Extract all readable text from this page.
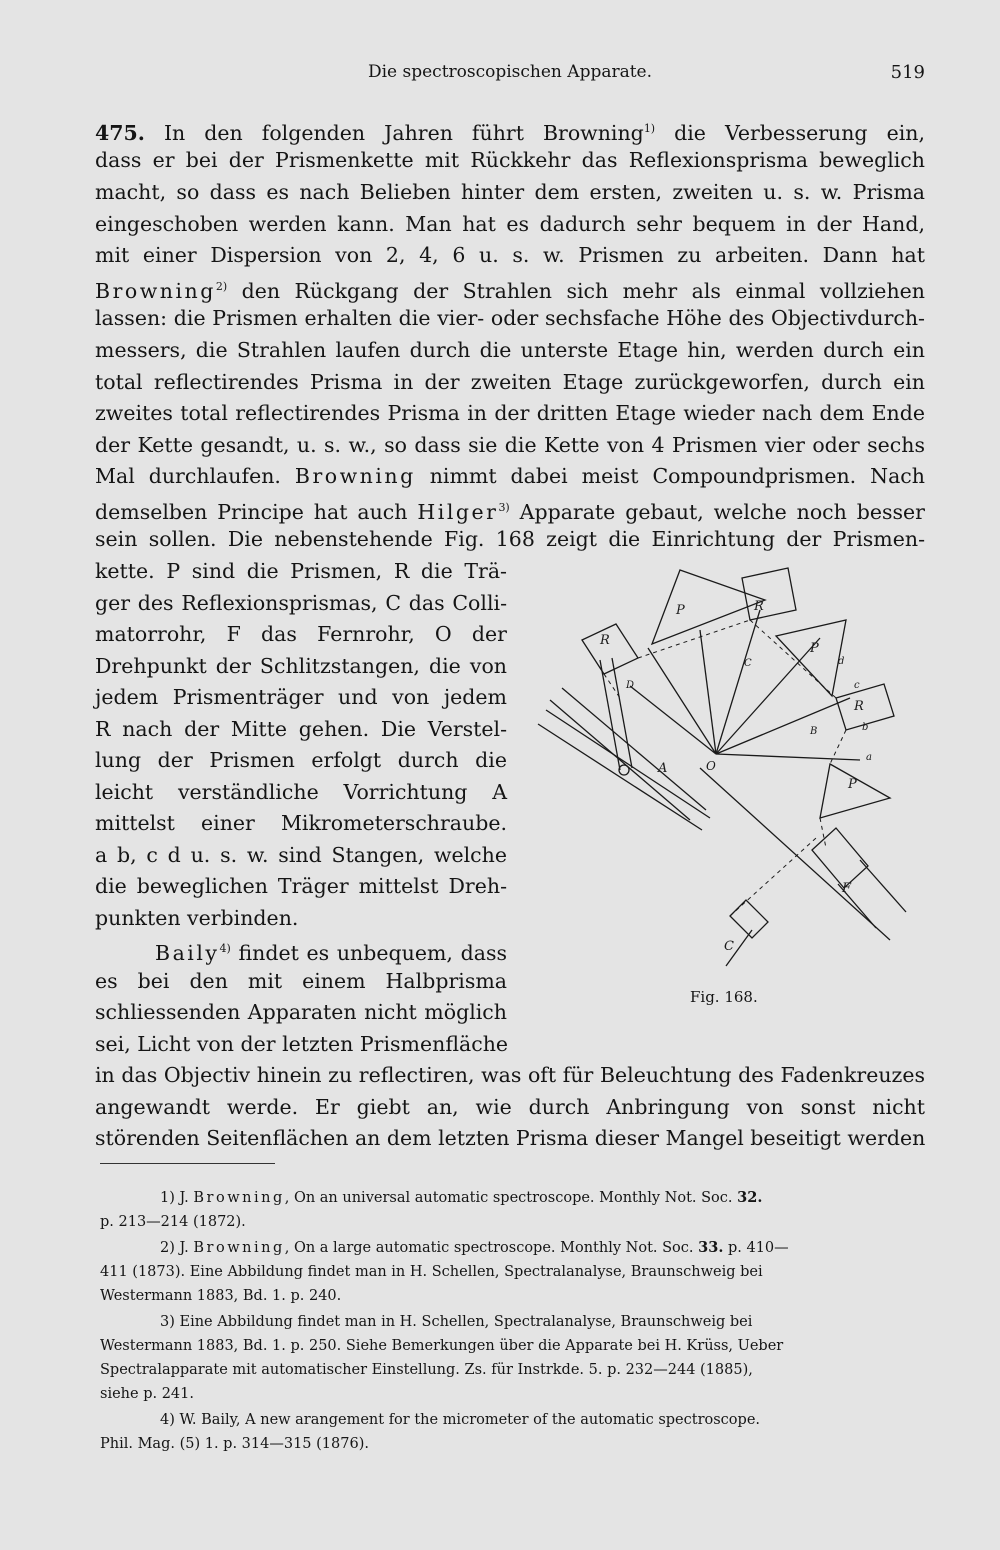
Die spectroscopischen Apparate.	519
475. In den folgenden Jahren führt Browning$^{1)}$ die Verbesserung ein,
dass er bei der Prismenkette mit Rückkehr das Reflexionsprisma beweglich
macht, so dass es nach Belieben hinter dem ersten, zweiten u. s. w. Prisma
eingeschoben werden kann. Man hat es dadurch sehr bequem in der Hand,
mit einer Dispersion von 2, 4, 6 u. s. w. Prismen zu arbeiten. Dann hat
Browning$^{2)}$ den Rückgang der Strahlen sich mehr als einmal vollziehen
lassen: die Prismen erhalten die vier- oder sechsfache Höhe des Objectivdurch-
messers, die Strahlen laufen durch die unterste Etage hin, werden durch ein
total reflectirendes Prisma in der zweiten Etage zurückgeworfen, durch ein
zweites total reflectirendes Prisma in der dritten Etage wieder nach dem Ende
der Kette gesandt, u. s. w., so dass sie die Kette von 4 Prismen vier oder sechs
Mal durchlaufen. Browning nimmt dabei meist Compoundprismen. Nach
demselben Principe hat auch Hilger$^{3)}$ Apparate gebaut, welche noch besser
sein sollen. Die nebenstehende Fig. 168 zeigt die Einrichtung der Prismen-
kette. P sind die Prismen, R die Trä-
ger des Reflexionsprismas, C das Colli-
matorrohr, F das Fernrohr, O der
Drehpunkt der Schlitzstangen, die von
jedem Prismenträger und von jedem
R nach der Mitte gehen. Die Verstel-
lung der Prismen erfolgt durch die
leicht verständliche Vorrichtung A
mittelst einer Mikrometerschraube.
a b, c d u. s. w. sind Stangen, welche
die beweglichen Träger mittelst Dreh-
punkten verbinden.
Baily$^{4)}$ findet es unbequem, dass
es bei den mit einem Halbprisma
schliessenden Apparaten nicht möglich
sei, Licht von der letzten Prismenfläche
in das Objectiv hinein zu reflectiren, was oft für Beleuchtung des Fadenkreuzes
angewandt werde. Er giebt an, wie durch Anbringung von sonst nicht
störenden Seitenflächen an dem letzten Prisma dieser Mangel beseitigt werden
P	R
R
P
C
D
d
c
R
B	b
a
A	O
P
F
C
Fig. 168.
1) J. Browning, On an universal automatic spectroscope. Monthly Not. Soc. 32.
p. 213—214 (1872).
2) J. Browning, On a large automatic spectroscope. Monthly Not. Soc. 33. p. 410—
411 (1873). Eine Abbildung findet man in H. Schellen, Spectralanalyse, Braunschweig bei
Westermann 1883, Bd. 1. p. 240.
3) Eine Abbildung findet man in H. Schellen, Spectralanalyse, Braunschweig bei
Westermann 1883, Bd. 1. p. 250. Siehe Bemerkungen über die Apparate bei H. Krüss, Ueber
Spectralapparate mit automatischer Einstellung. Zs. für Instrkde. 5. p. 232—244 (1885),
siehe p. 241.
4) W. Baily, A new arangement for the micrometer of the automatic spectroscope.
Phil. Mag. (5) 1. p. 314—315 (1876).
